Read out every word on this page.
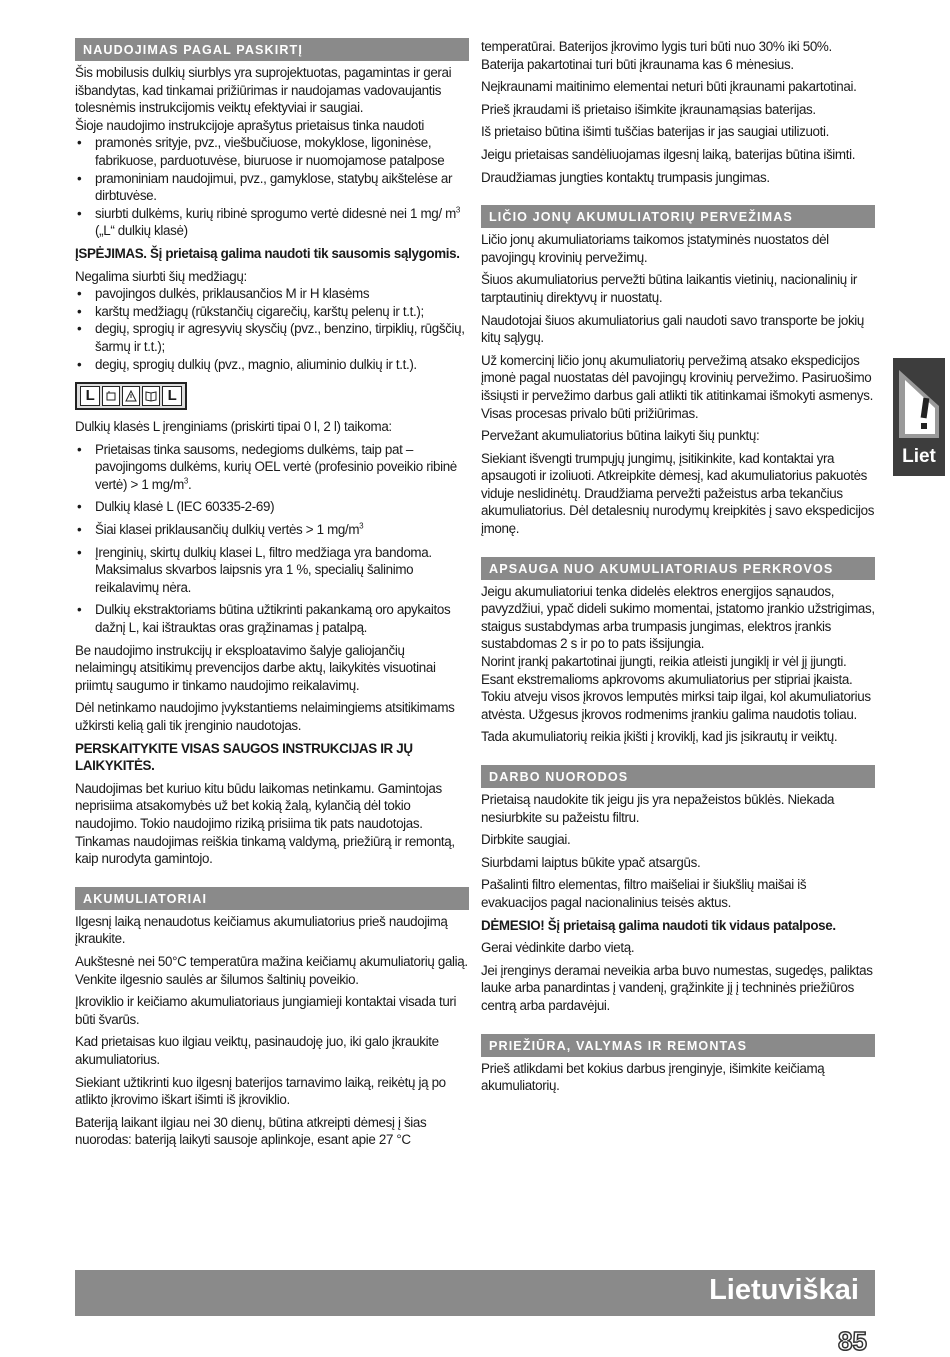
NAUDOJIMAS PAGAL PASKIRTĮ

Šis mobilusis dulkių siurblys yra suprojektuotas, pagamintas ir gerai išbandytas, kad tinkamai prižiūrimas ir naudojamas vadovaujantis tolesnėmis instrukcijomis veiktų efektyviai ir saugiai.

Šioje naudojimo instrukcijoje aprašytus prietaisus tinka naudoti

• pramonės srityje, pvz., viešbučiuose, mokyklose, ligoninėse, fabrikuose, parduotuvėse, biuruose ir nuomojamose patalpose
• pramoniniam naudojimui, pvz., gamyklose, statybų aikštelėse ar dirbtuvėse.
• siurbti dulkėms, kurių ribinė sprogumo vertė didesnė nei 1 mg/ $m^3$ („L“ dulkių klasė)

ĮSPĖJIMAS. Šį prietaisą galima naudoti tik sausomis sąlygomis.

Negalima siurbti šių medžiagų:

• pavojingos dulkės, priklausančios M ir H klasėms
• karštų medžiagų (rūkstančių cigarečių, karštų pelenų ir t.t.);
• degių, sprogių ir agresyvių skysčių (pvz., benzino, tirpiklių, rūgščių, šarmų ir t.t.);
• degių, sprogių dulkių (pvz., magnio, aliuminio dulkių ir t.t.).
L	L

Dulkių klasės L įrenginiams (priskirti tipai 0 l, 2 l) taikoma:

• Prietaisas tinka sausoms, nedegioms dulkėms, taip pat – pavojingoms dulkėms, kurių OEL vertė (profesinio poveikio ribinė vertė) > 1 $mg/m^3$.
• Dulkių klasė L (IEC 60335-2-69)
• Šiai klasei priklausančių dulkių vertės > 1 $mg/m^3$
• Įrenginių, skirtų dulkių klasei L, filtro medžiaga yra bandoma. Maksimalus skvarbos laipsnis yra 1 %, specialių šalinimo reikalavimų nėra.
• Dulkių ekstraktoriams būtina užtikrinti pakankamą oro apykaitos dažnį L, kai ištrauktas oras grąžinamas į patalpą.

Be naudojimo instrukcijų ir eksploatavimo šalyje galiojančių nelaimingų atsitikimų prevencijos darbe aktų, laikykitės visuotinai priimtų saugumo ir tinkamo naudojimo reikalavimų.

Dėl netinkamo naudojimo įvykstantiems nelaimingiems atsitikimams užkirsti kelią gali tik įrenginio naudotojas.

PERSKAITYKITE VISAS SAUGOS INSTRUKCIJAS IR JŲ LAIKYKITĖS.

Naudojimas bet kuriuo kitu būdu laikomas netinkamu. Gamintojas neprisiima atsakomybės už bet kokią žalą, kylančią dėl tokio naudojimo. Tokio naudojimo riziką prisiima tik pats naudotojas. Tinkamas naudojimas reiškia tinkamą valdymą, priežiūrą ir remontą, kaip nurodyta gamintojo.

AKUMULIATORIAI

Ilgesnį laiką nenaudotus keičiamus akumuliatorius prieš naudojimą įkraukite.

Aukštesnė nei 50°C temperatūra mažina keičiamų akumuliatorių galią. Venkite ilgesnio saulės ar šilumos šaltinių poveikio.

Įkroviklio ir keičiamo akumuliatoriaus jungiamieji kontaktai visada turi būti švarūs.

Kad prietaisas kuo ilgiau veiktų, pasinaudoję juo, iki galo įkraukite akumuliatorius.

Siekiant užtikrinti kuo ilgesnį baterijos tarnavimo laiką, reikėtų ją po atlikto įkrovimo iškart išimti iš įkroviklio.

Bateriją laikant ilgiau nei 30 dienų, būtina atkreipti dėmesį į šias nuorodas: bateriją laikyti sausoje aplinkoje, esant apie 27 °C

temperatūrai. Baterijos įkrovimo lygis turi būti nuo 30% iki 50%. Baterija pakartotinai turi būti įkraunama kas 6 mėnesius.

Neįkraunami maitinimo elementai neturi būti įkraunami pakartotinai.

Prieš įkraudami iš prietaiso išimkite įkraunamąsias baterijas.

Iš prietaiso būtina išimti tuščias baterijas ir jas saugiai utilizuoti.

Jeigu prietaisas sandėliuojamas ilgesnį laiką, baterijas būtina išimti.

Draudžiamas jungties kontaktų trumpasis jungimas.

LIČIO JONŲ AKUMULIATORIŲ PERVEŽIMAS

Ličio jonų akumuliatoriams taikomos įstatyminės nuostatos dėl pavojingų krovinių pervežimų.

Šiuos akumuliatorius pervežti būtina laikantis vietinių, nacionalinių ir tarptautinių direktyvų ir nuostatų.

Naudotojai šiuos akumuliatorius gali naudoti savo transporte be jokių kitų sąlygų.

Už komercinį ličio jonų akumuliatorių pervežimą atsako ekspedicijos įmonė pagal nuostatas dėl pavojingų krovinių pervežimo. Pasiruošimo išsiųsti ir pervežimo darbus gali atlikti tik atitinkamai išmokyti asmenys. Visas procesas privalo būti prižiūrimas.

Pervežant akumuliatorius būtina laikyti šių punktų:

Siekiant išvengti trumpųjų jungimų, įsitikinkite, kad kontaktai yra apsaugoti ir izoliuoti. Atkreipkite dėmesį, kad akumuliatorius pakuotės viduje neslidinėtų. Draudžiama pervežti pažeistus arba tekančius akumuliatorius. Dėl detalesnių nurodymų kreipkitės į savo ekspedicijos įmonę.

APSAUGA NUO AKUMULIATORIAUS PERKROVOS

Jeigu akumuliatoriui tenka didelės elektros energijos sąnaudos, pavyzdžiui, ypač dideli sukimo momentai, įstatomo įrankio užstrigimas, staigus sustabdymas arba trumpasis jungimas, elektros įrankis sustabdomas 2 s ir po to pats išsijungia.

Norint įrankį pakartotinai įjungti, reikia atleisti jungiklį ir vėl jį įjungti.

Esant ekstremalioms apkrovoms akumuliatorius per stipriai įkaista. Tokiu atveju visos įkrovos lemputės mirksi taip ilgai, kol akumuliatorius atvėsta. Užgesus įkrovos rodmenims įrankiu galima naudotis toliau.

Tada akumuliatorių reikia įkišti į kroviklį, kad jis įsikrautų ir veiktų.

DARBO NUORODOS

Prietaisą naudokite tik jeigu jis yra nepažeistos būklės. Niekada nesiurbkite su pažeistu filtru.

Dirbkite saugiai.

Siurbdami laiptus būkite ypač atsargūs.

Pašalinti filtro elementas, filtro maišeliai ir šiukšlių maišai iš evakuacijos pagal nacionalinius teisės aktus.

DĖMESIO! Šį prietaisą galima naudoti tik vidaus patalpose.

Gerai vėdinkite darbo vietą.

Jei įrenginys deramai neveikia arba buvo numestas, sugedęs, paliktas lauke arba panardintas į vandenį, grąžinkite jį į techninės priežiūros centrą arba pardavėjui.

PRIEŽIŪRA, VALYMAS IR REMONTAS

Prieš atlikdami bet kokius darbus įrenginyje, išimkite keičiamą akumuliatorių.

Liet
Lietuviškai
85
